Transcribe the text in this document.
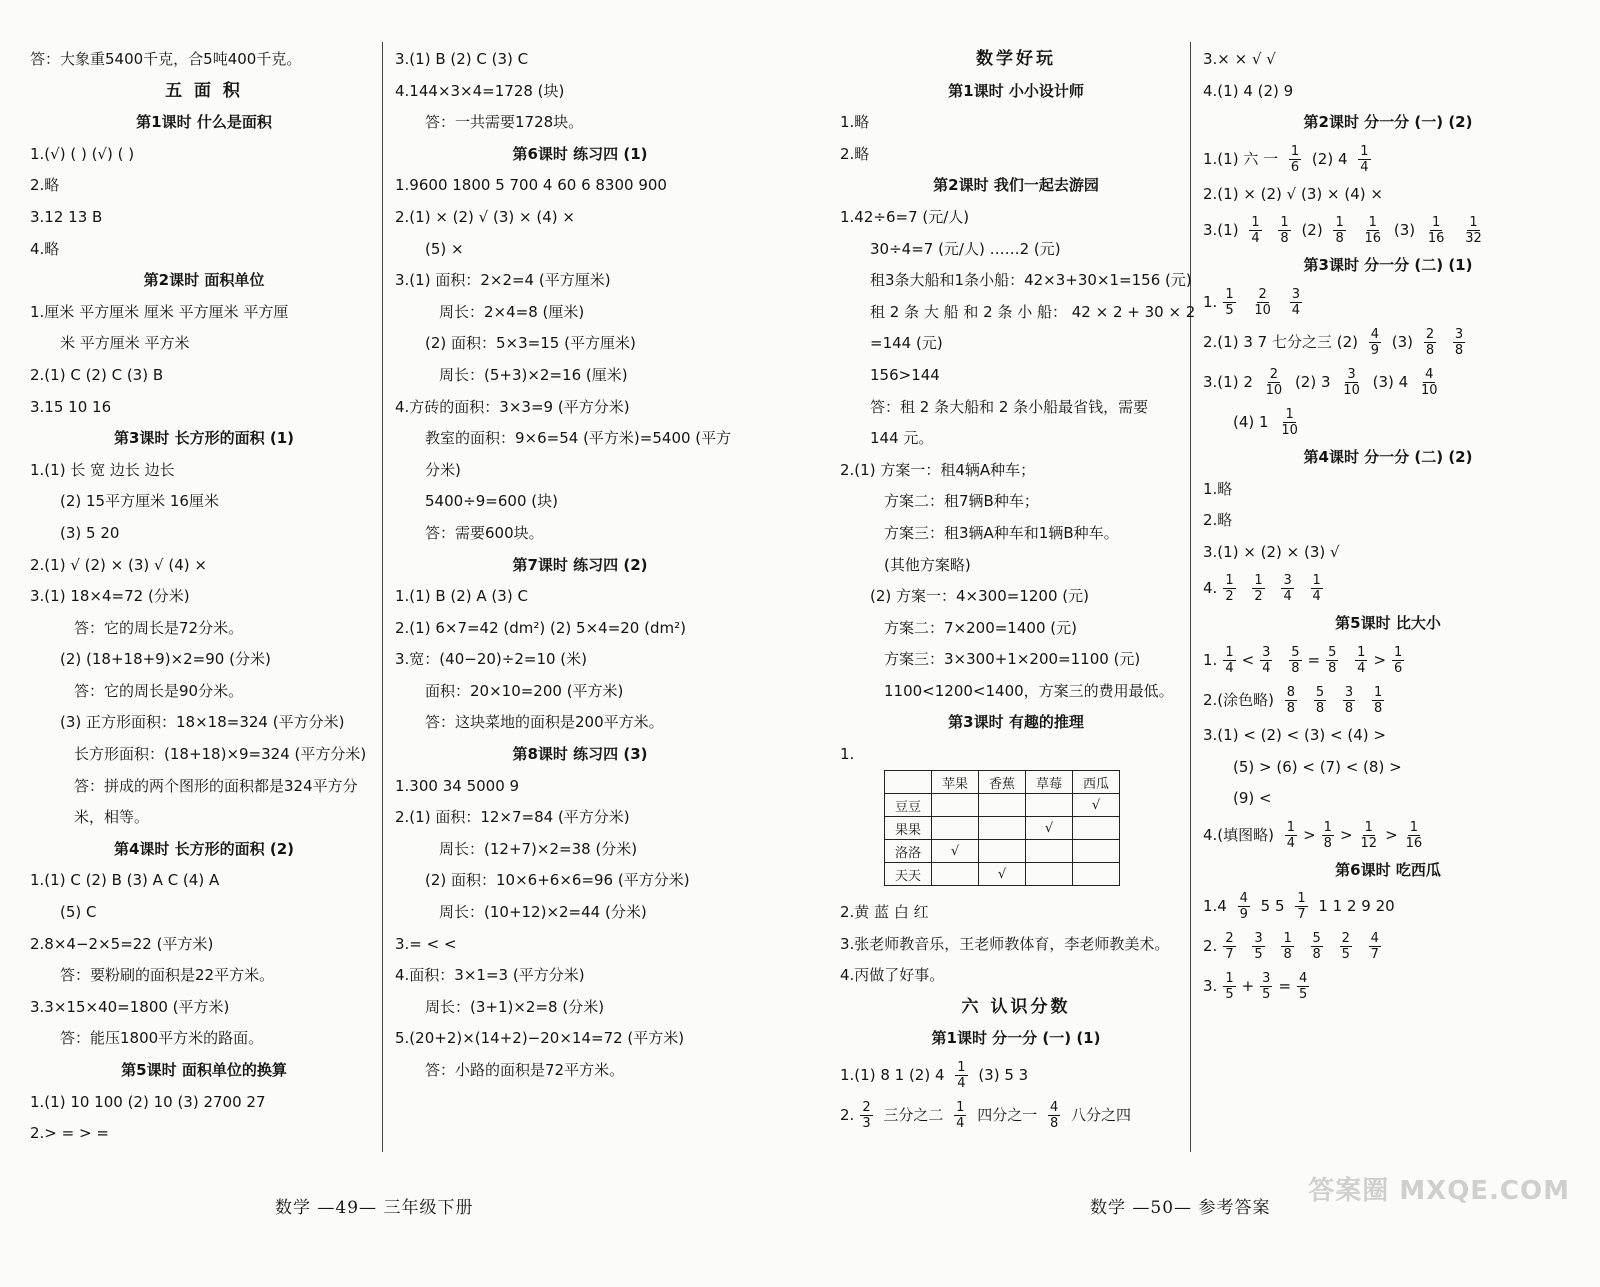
答：大象重5400千克，合5吨400千克。
五 面 积
第1课时 什么是面积
1.(√) ( ) (√) ( )
2.略
3.12 13 B
4.略
第2课时 面积单位
1.厘米 平方厘米 厘米 平方厘米 平方厘
米 平方厘米 平方米
2.(1) C (2) C (3) B
3.15 10 16
第3课时 长方形的面积 (1)
1.(1) 长 宽 边长 边长
(2) 15平方厘米 16厘米
(3) 5 20
2.(1) √ (2) × (3) √ (4) ×
3.(1) 18×4=72 (分米)
答：它的周长是72分米。
(2) (18+18+9)×2=90 (分米)
答：它的周长是90分米。
(3) 正方形面积：18×18=324 (平方分米)
长方形面积：(18+18)×9=324 (平方分米)
答：拼成的两个图形的面积都是324平方分
米，相等。
第4课时 长方形的面积 (2)
1.(1) C (2) B (3) A C (4) A
(5) C
2.8×4−2×5=22 (平方米)
答：要粉刷的面积是22平方米。
3.3×15×40=1800 (平方米)
答：能压1800平方米的路面。
第5课时 面积单位的换算
1.(1) 10 100 (2) 10 (3) 2700 27
2.> = > =
3.(1) B (2) C (3) C
4.144×3×4=1728 (块)
答：一共需要1728块。
第6课时 练习四 (1)
1.9600 1800 5 700 4 60 6 8300 900
2.(1) × (2) √ (3) × (4) ×
(5) ×
3.(1) 面积：2×2=4 (平方厘米)
周长：2×4=8 (厘米)
(2) 面积：5×3=15 (平方厘米)
周长：(5+3)×2=16 (厘米)
4.方砖的面积：3×3=9 (平方分米)
教室的面积：9×6=54 (平方米)=5400 (平方
分米)
5400÷9=600 (块)
答：需要600块。
第7课时 练习四 (2)
1.(1) B (2) A (3) C
2.(1) 6×7=42 (dm²) (2) 5×4=20 (dm²)
3.宽：(40−20)÷2=10 (米)
面积：20×10=200 (平方米)
答：这块菜地的面积是200平方米。
第8课时 练习四 (3)
1.300 34 5000 9
2.(1) 面积：12×7=84 (平方分米)
周长：(12+7)×2=38 (分米)
(2) 面积：10×6+6×6=96 (平方分米)
周长：(10+12)×2=44 (分米)
3.= < <
4.面积：3×1=3 (平方分米)
周长：(3+1)×2=8 (分米)
5.(20+2)×(14+2)−20×14=72 (平方米)
答：小路的面积是72平方米。
数学好玩
第1课时 小小设计师
1.略
2.略
第2课时 我们一起去游园
1.42÷6=7 (元/人)
30÷4=7 (元/人) ……2 (元)
租3条大船和1条小船：42×3+30×1=156 (元)
租 2 条 大 船 和 2 条 小 船： 42 × 2 + 30 × 2
=144 (元)
156>144
答：租 2 条大船和 2 条小船最省钱，需要
144 元。
2.(1) 方案一：租4辆A种车；
方案二：租7辆B种车；
方案三：租3辆A种车和1辆B种车。
(其他方案略)
(2) 方案一：4×300=1200 (元)
方案二：7×200=1400 (元)
方案三：3×300+1×200=1100 (元)
1100<1200<1400，方案三的费用最低。
第3课时 有趣的推理
1.

2.黄 蓝 白 红
3.张老师教音乐，王老师教体育，李老师教美术。
4.丙做了好事。
六 认识分数
第1课时 分一分 (一) (1)
1.(1) 8 1 (2) $4 \frac{1}{4} (3)$ 5 3
2. $\frac{2}{3}$ 三分之二 $\frac{1}{4}$ 四分之一 $\frac{4}{8}$ 八分之四
3.× × √ √
4.(1) 4 (2) 9
第2课时 分一分 (一) (2)
1.(1) 六 一 $\frac{1}{6} (2)$ $4 \frac{1}{4}$
2.(1) × (2) √ (3) × (4) ×
$3.(1) \frac{1}{4}$
$\frac{1}{8} (2) \frac{1}{8}$
$\frac{1}{16} (3) \frac{1}{16}$
$\frac{1}{32}$
第3课时 分一分 (二) (1)
1. $\frac{1}{5}$
$\frac{2}{10}$
$\frac{3}{4}$
2.(1) 3 7 七分之三 $(2) \frac{4}{9} (3) \frac{2}{8}$
$\frac{3}{8}$
3.(1) $2 \frac{2}{10} (2)$ $3 \frac{3}{10} (3)$ $4 \frac{4}{10}$
(4) $1 \frac{1}{10}$
第4课时 分一分 (二) (2)
1.略
2.略
3.(1) × (2) × (3) √
4. $\frac{1}{2}$
$\frac{1}{2}$
$\frac{3}{4}$
$\frac{1}{4}$
第5课时 比大小
1. $\frac{1}{4} < \frac{3}{4}$
$\frac{5}{8} = \frac{5}{8}$
$\frac{1}{4} > \frac{1}{6}$
2.(涂色略) $\frac{8}{8}$
$\frac{5}{8}$
$\frac{3}{8}$
$\frac{1}{8}$
3.(1) < (2) < (3) < (4) >
(5) > (6) < (7) < (8) >
(9) <
4.(填图略) $\frac{1}{4} > \frac{1}{8} > \frac{1}{12} > \frac{1}{16}$
第6课时 吃西瓜
$1.4 \frac{4}{9} 5$ $5 \frac{1}{7} 1$ 1 2 9 20
2. $\frac{2}{7}$
$\frac{3}{5}$
$\frac{1}{8}$
$\frac{5}{8}$
$\frac{2}{5}$
$\frac{4}{7}$
3. $\frac{1}{5} + \frac{3}{5} = \frac{4}{5}$
	苹果	香蕉	草莓	西瓜
豆豆				√
果果			√	
洛洛	√			
天天		√		
数学 —49— 三年级下册	数学 —50— 参考答案
答案圈 MXQE.COM
